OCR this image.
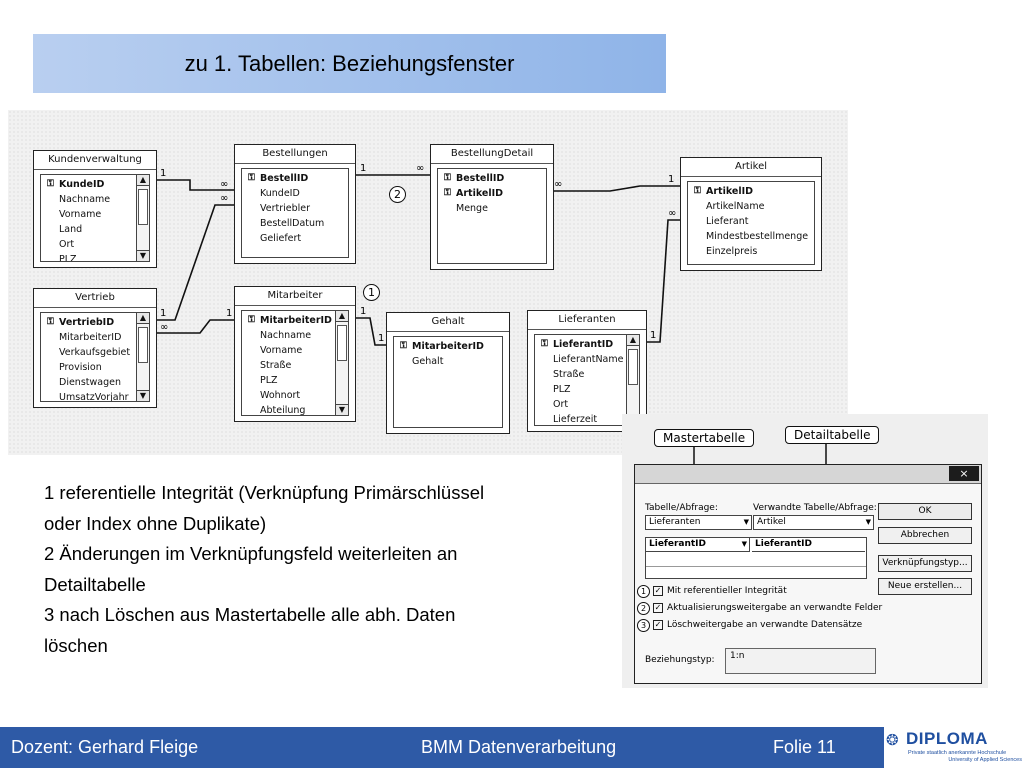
zu 1. Tabellen: Beziehungsfenster
1
∞
1	∞
∞	1
∞
1
∞
1	1
1	1
∞
Kundenverwaltung
⚿ KundeID
Nachname
Vorname
Land
Ort
PLZ
▲
▼
Bestellungen
⚿ BestellID
KundeID
Vertriebler
BestellDatum
Geliefert
BestellungDetail
⚿ BestellID
⚿ ArtikelID
Menge
2
Artikel
⚿ ArtikelID
ArtikelName
Lieferant
Mindestbestellmenge
Einzelpreis
Vertrieb
⚿ VertriebID
MitarbeiterID
Verkaufsgebiet
Provision
Dienstwagen
UmsatzVorjahr
▲
▼
Mitarbeiter
⚿ MitarbeiterID
Nachname
Vorname
Straße
PLZ
Wohnort
Abteilung
▲
▼
1
Gehalt
⚿ MitarbeiterID
Gehalt
Lieferanten
⚿ LieferantID
LieferantName
Straße
PLZ
Ort
Lieferzeit
▲
1 referentielle Integrität (Verknüpfung Primärschlüssel
oder Index ohne Duplikate)
2 Änderungen im Verknüpfungsfeld weiterleiten an
Detailtabelle
3 nach Löschen aus Mastertabelle alle abh. Daten
löschen
Mastertabelle	Detailtabelle
×
Tabelle/Abfrage:	Verwandte Tabelle/Abfrage:
Lieferanten	▼ Artikel	▼
LieferantID	▼ LieferantID
OK
Abbrechen
Verknüpfungstyp...
Neue erstellen...
1	✓ Mit referentieller Integrität
2	✓ Aktualisierungsweitergabe an verwandte Felder
3	✓ Löschweitergabe an verwandte Datensätze
Beziehungstyp:	1:n
Dozent: Gerhard Fleige	BMM Datenverarbeitung	Folie 11	❂ DIPLOMA
Private staatlich anerkannte Hochschule
University of Applied Sciences
